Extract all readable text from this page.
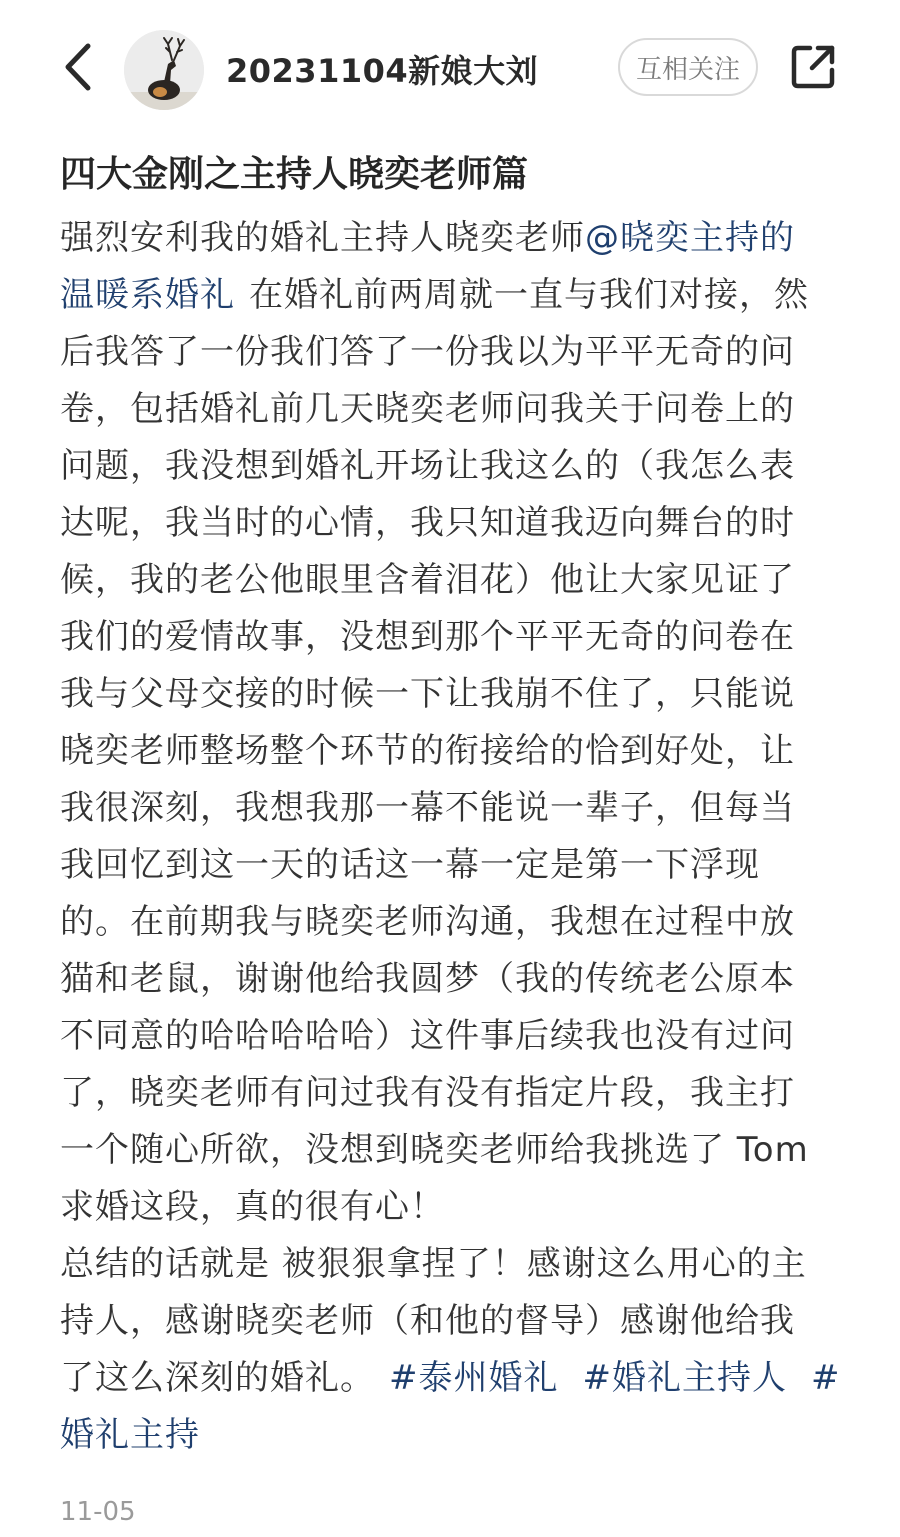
20231104新娘大刘	互相关注
四大金刚之主持人晓奕老师篇
强烈安利我的婚礼主持人晓奕老师@晓奕主持的
温暖系婚礼 在婚礼前两周就一直与我们对接，然
后我答了一份我们答了一份我以为平平无奇的问
卷，包括婚礼前几天晓奕老师问我关于问卷上的
问题，我没想到婚礼开场让我这么的（我怎么表
达呢，我当时的心情，我只知道我迈向舞台的时
候，我的老公他眼里含着泪花）他让大家见证了
我们的爱情故事，没想到那个平平无奇的问卷在
我与父母交接的时候一下让我崩不住了，只能说
晓奕老师整场整个环节的衔接给的恰到好处，让
我很深刻，我想我那一幕不能说一辈子，但每当
我回忆到这一天的话这一幕一定是第一下浮现
的。在前期我与晓奕老师沟通，我想在过程中放
猫和老鼠，谢谢他给我圆梦（我的传统老公原本
不同意的哈哈哈哈哈）这件事后续我也没有过问
了，晓奕老师有问过我有没有指定片段，我主打
一个随心所欲，没想到晓奕老师给我挑选了 Tom
求婚这段，真的很有心！
总结的话就是 被狠狠拿捏了！感谢这么用心的主
持人，感谢晓奕老师（和他的督导）感谢他给我
了这么深刻的婚礼。 #泰州婚礼 #婚礼主持人 #
婚礼主持
11-05
